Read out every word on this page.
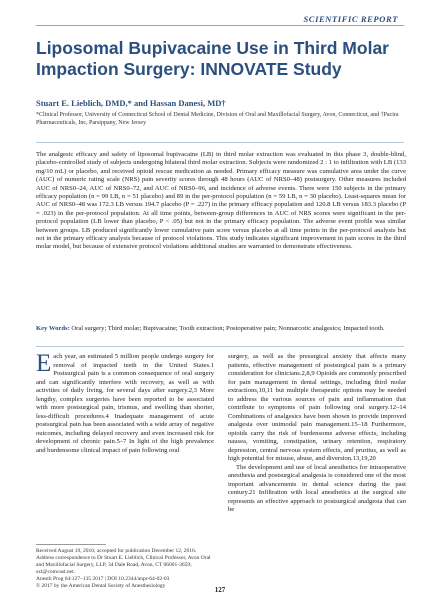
SCIENTIFIC REPORT
Liposomal Bupivacaine Use in Third Molar Impaction Surgery: INNOVATE Study
Stuart E. Lieblich, DMD,* and Hassan Danesi, MD†
*Clinical Professor, University of Connecticut School of Dental Medicine, Division of Oral and Maxillofacial Surgery, Avon, Connecticut, and †Pacira Pharmaceuticals, Inc, Parsippany, New Jersey
The analgesic efficacy and safety of liposomal bupivacaine (LB) in third molar extraction was evaluated in this phase 3, double-blind, placebo-controlled study of subjects undergoing bilateral third molar extraction. Subjects were randomized 2 : 1 to infiltration with LB (133 mg/10 mL) or placebo, and received opioid rescue medication as needed. Primary efficacy measure was cumulative area under the curve (AUC) of numeric rating scale (NRS) pain severity scores through 48 hours (AUC of NRS0–48) postsurgery. Other measures included AUC of NRS0–24, AUC of NRS0–72, and AUC of NRS0–96, and incidence of adverse events. There were 150 subjects in the primary efficacy population (n = 99 LB, n = 51 placebo) and 89 in the per-protocol population (n = 59 LB, n = 30 placebo). Least-squares mean for AUC of NRS0–48 was 172.3 LB versus 194.7 placebo (P = .227) in the primary efficacy population and 120.8 LB versus 183.3 placebo (P = .023) in the per-protocol population. At all time points, between-group differences in AUC of NRS scores were significant in the per-protocol population (LB lower than placebo, P < .05) but not in the primary efficacy population. The adverse event profile was similar between groups. LB produced significantly lower cumulative pain score versus placebo at all time points in the per-protocol analysis but not in the primary efficacy analysis because of protocol violations. This study indicates significant improvement in pain scores in the third molar model, but because of extensive protocol violations additional studies are warranted to demonstrate effectiveness.
Key Words: Oral surgery; Third molar; Bupivacaine; Tooth extraction; Postoperative pain; Nonnarcotic analgesics; Impacted tooth.

Each year, an estimated 5 million people undergo surgery for removal of impacted teeth in the United States.1 Postsurgical pain is a common consequence of oral surgery and can significantly interfere with recovery, as well as with activities of daily living, for several days after surgery.2,3 More lengthy, complex surgeries have been reported to be associated with more postsurgical pain, trismus, and swelling than shorter, less-difficult procedures.4 Inadequate management of acute postsurgical pain has been associated with a wide array of negative outcomes, including delayed recovery and even increased risk for development of chronic pain.5–7 In light of the high prevalence and burdensome clinical impact of pain following oral

surgery, as well as the presurgical anxiety that affects many patients, effective management of postsurgical pain is a primary consideration for clinicians.2,8,9 Opioids are commonly prescribed for pain management in dental settings, including third molar extractions,10,11 but multiple therapeutic options may be needed to address the various sources of pain and inflammation that contribute to symptoms of pain following oral surgery.12–14 Combinations of analgesics have been shown to provide improved analgesia over unimodal pain management.15–18 Furthermore, opioids carry the risk of burdensome adverse effects, including nausea, vomiting, constipation, urinary retention, respiratory depression, central nervous system effects, and pruritus, as well as high potential for misuse, abuse, and diversion.13,19,20

The development and use of local anesthetics for intraoperative anesthesia and postsurgical analgesia is considered one of the most important advancements in dental science during the past century.21 Infiltration with local anesthetics at the surgical site represents an effective approach to postsurgical analgesia that can be

Received August 19, 2016; accepted for publication December 12, 2016.
Address correspondence to Dr Stuart E. Lieblich, Clinical Professor, Avon Oral and Maxillofacial Surgery, LLP, 34 Dale Road, Avon, CT 06001-3659; sxl@comcast.net.
Anesth Prog 64:127–135 2017 | DOI 10.2344/anpr-64-02-03
© 2017 by the American Dental Society of Anesthesiology	127
